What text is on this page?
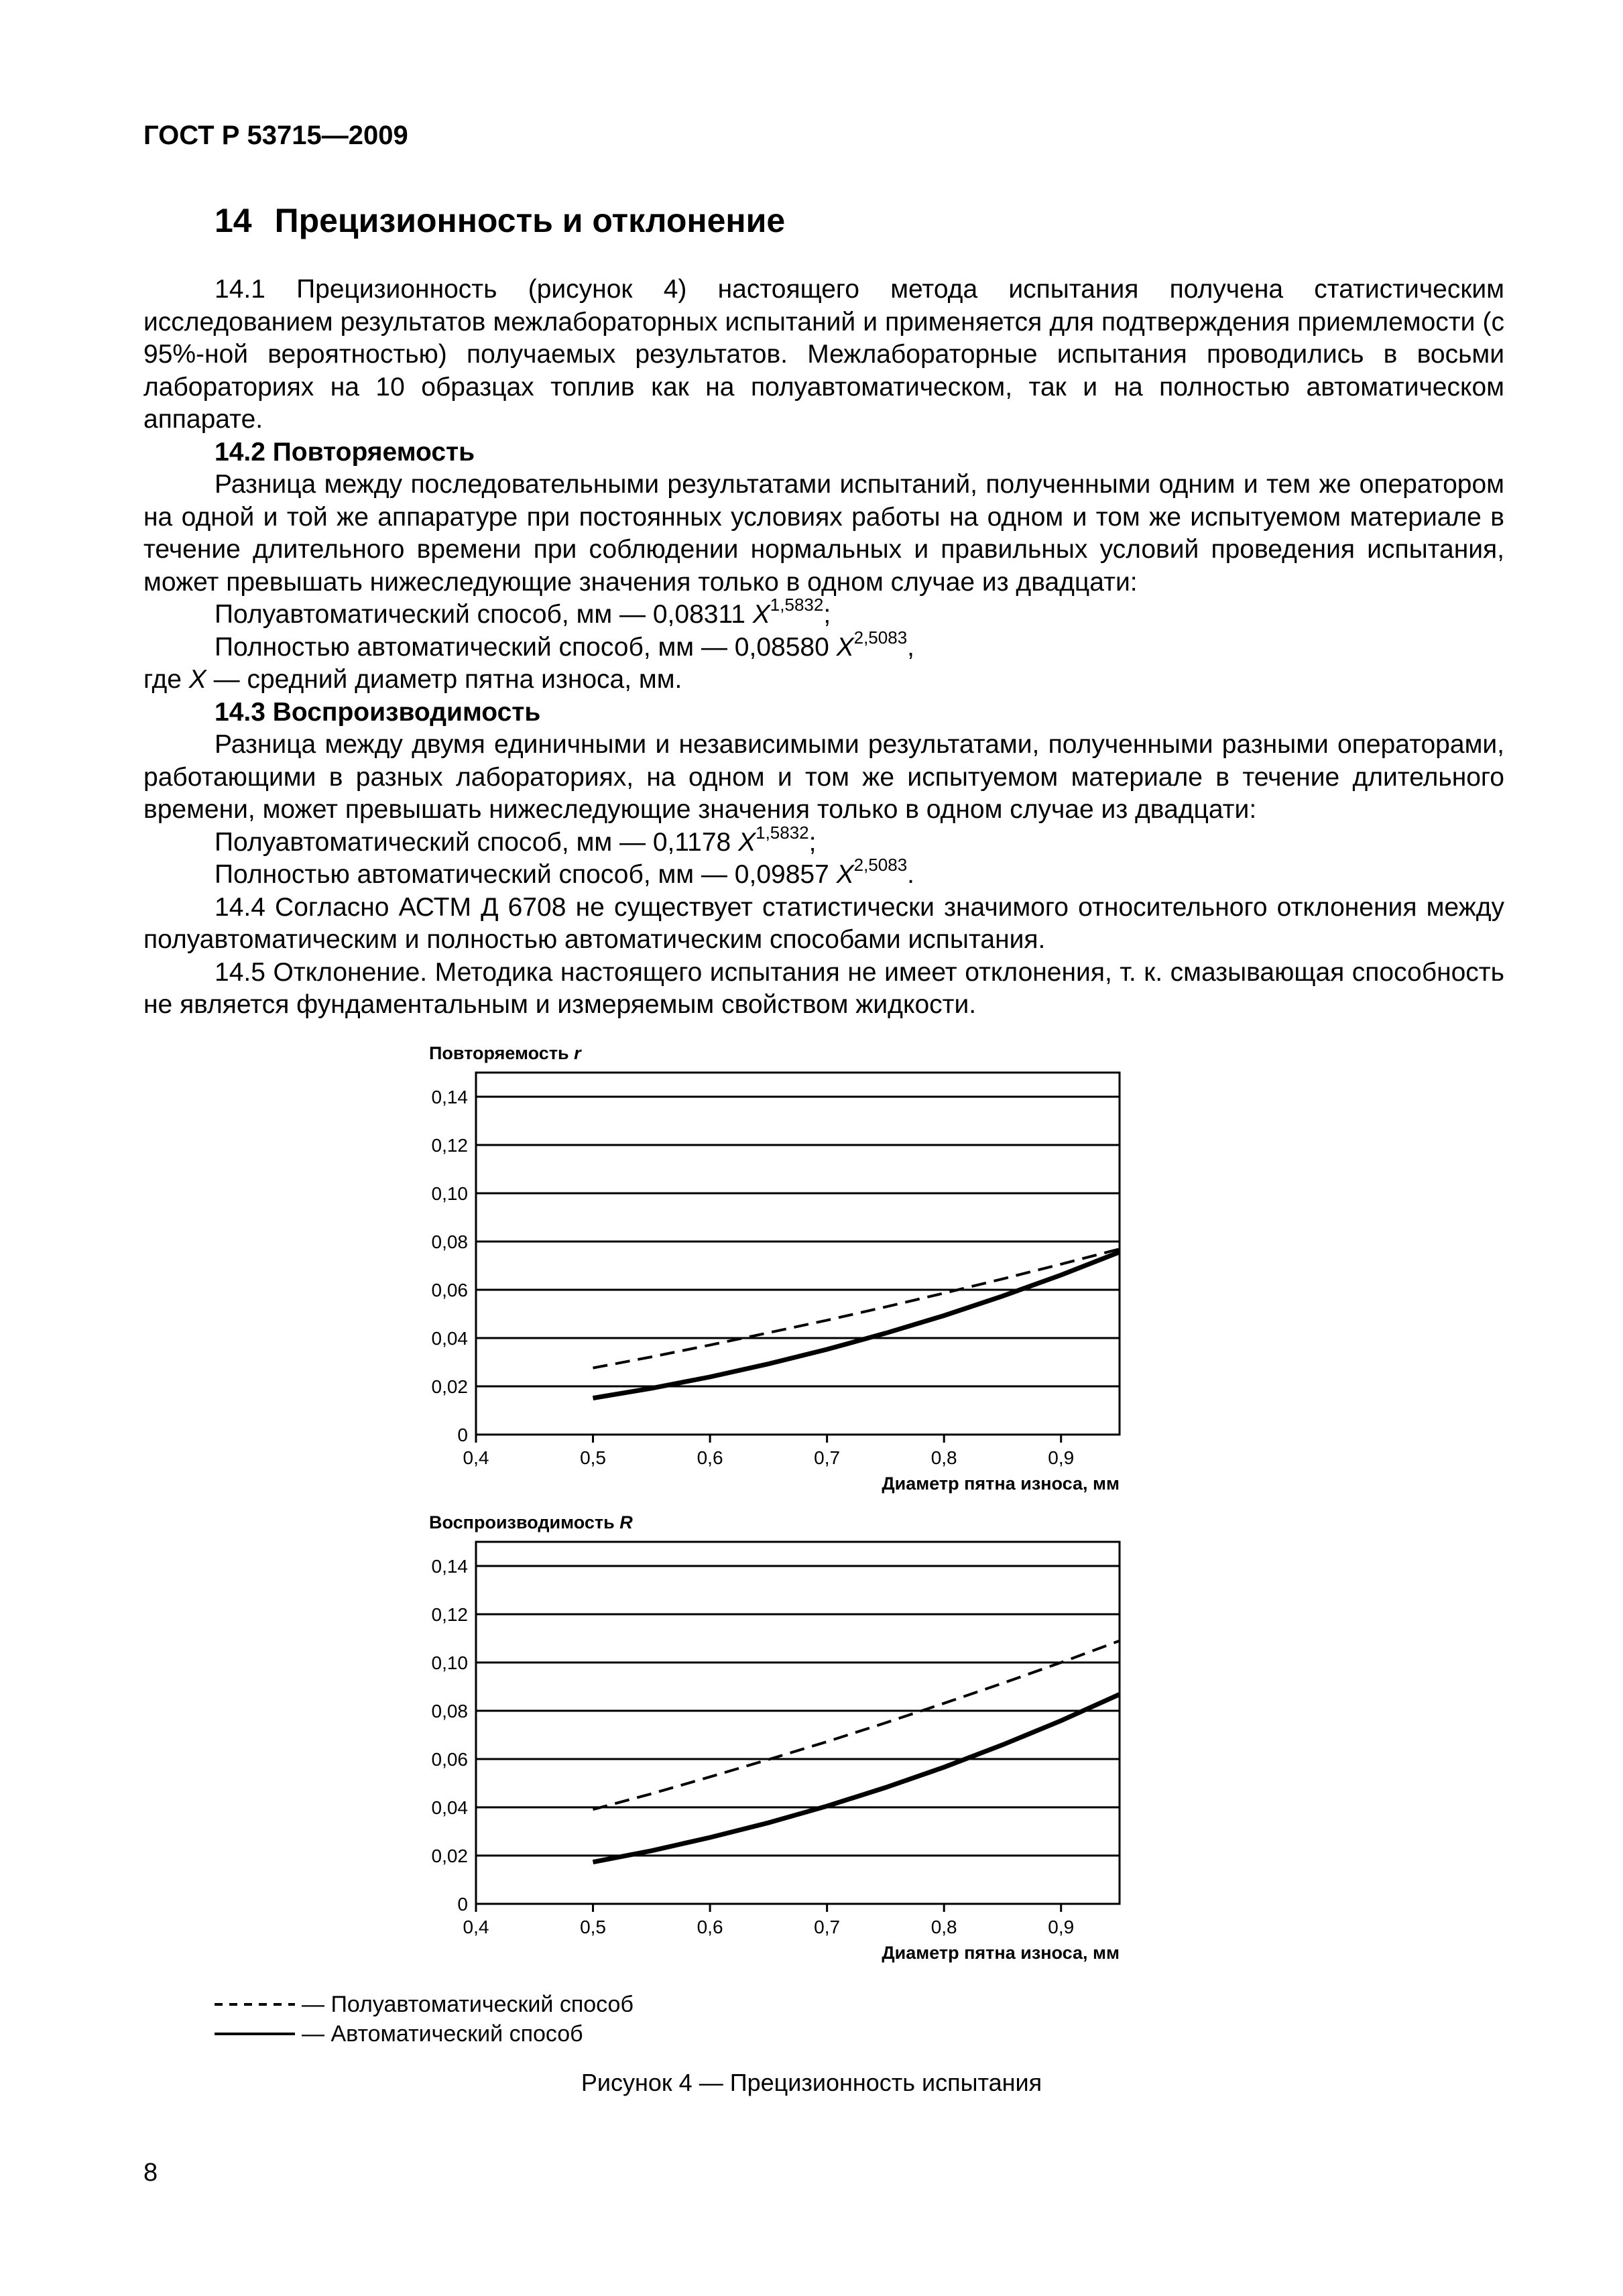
ГОСТ Р 53715—2009
14 Прецизионность и отклонение

14.1 Прецизионность (рисунок 4) настоящего метода испытания получена статистическим исследованием результатов межлабораторных испытаний и применяется для подтверждения приемлемости (с 95%-ной вероятностью) получаемых результатов. Межлабораторные испытания проводились в восьми лабораториях на 10 образцах топлив как на полуавтоматическом, так и на полностью автоматическом аппарате.

14.2 Повторяемость

Разница между последовательными результатами испытаний, полученными одним и тем же оператором на одной и той же аппаратуре при постоянных условиях работы на одном и том же испытуемом материале в течение длительного времени при соблюдении нормальных и правильных условий проведения испытания, может превышать нижеследующие значения только в одном случае из двадцати:

Полуавтоматический способ, мм — 0,08311 $X^{1,5832}$;

Полностью автоматический способ, мм — 0,08580 $X^{2,5083}$,

где X — средний диаметр пятна износа, мм.

14.3 Воспроизводимость

Разница между двумя единичными и независимыми результатами, полученными разными операторами, работающими в разных лабораториях, на одном и том же испытуемом материале в течение длительного времени, может превышать нижеследующие значения только в одном случае из двадцати:

Полуавтоматический способ, мм — 0,1178 $X^{1,5832}$;

Полностью автоматический способ, мм — 0,09857 $X^{2,5083}$.

14.4 Согласно АСТМ Д 6708 не существует статистически значимого относительного отклонения между полуавтоматическим и полностью автоматическим способами испытания.

14.5 Отклонение. Методика настоящего испытания не имеет отклонения, т. к. смазывающая способность не является фундаментальным и измеряемым свойством жидкости.

Повторяемость r
0
0,02
0,04
0,06
0,08
0,10
0,12
0,14
0,4	0,5	0,6	0,7	0,8	0,9
Диаметр пятна износа, мм
Воспроизводимость R
0
0,02
0,04
0,06
0,08
0,10
0,12
0,14
0,4	0,5	0,6	0,7	0,8	0,9
Диаметр пятна износа, мм
— Полуавтоматический способ
— Автоматический способ
Рисунок 4 — Прецизионность испытания
8
